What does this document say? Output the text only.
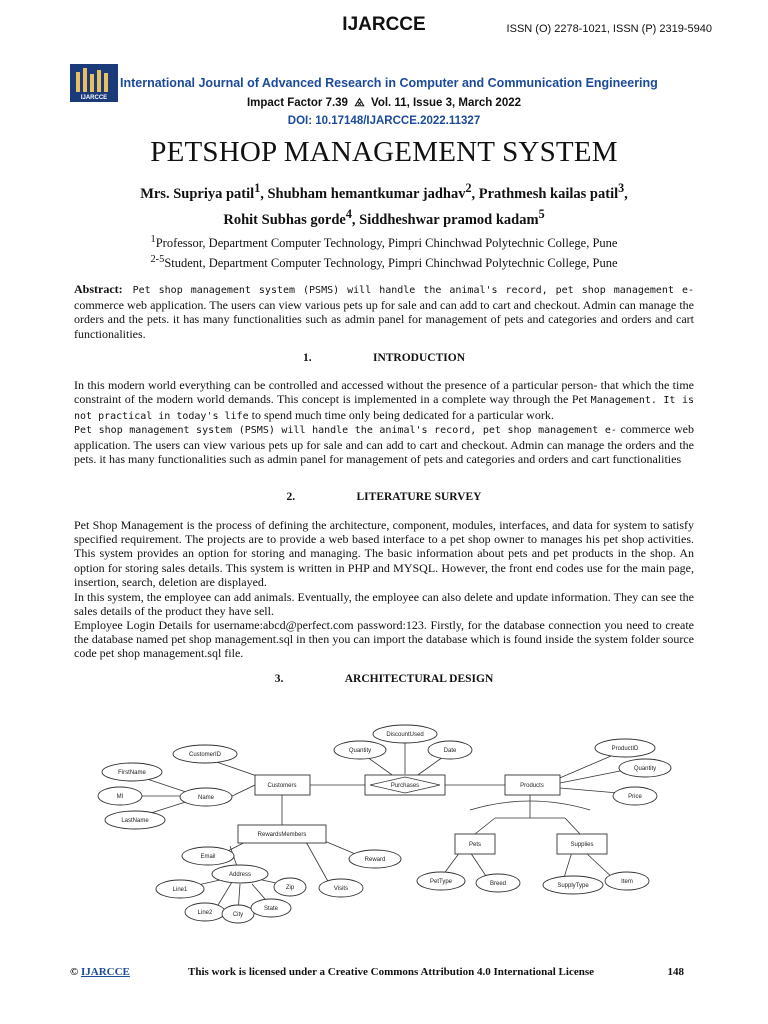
IJARCCE	ISSN (O) 2278-1021, ISSN (P) 2319-5940
IJARCCE
International Journal of Advanced Research in Computer and Communication Engineering
Impact Factor 7.39 ⨻ Vol. 11, Issue 3, March 2022
DOI: 10.17148/IJARCCE.2022.11327
PETSHOP MANAGEMENT SYSTEM
Mrs. Supriya patil$^1$, Shubham hemantkumar jadhav$^2$, Prathmesh kailas patil$^3$,
Rohit Subhas gorde$^4$, Siddheshwar pramod kadam$^5$
$^1$Professor, Department Computer Technology, Pimpri Chinchwad Polytechnic College, Pune
$^{2-5}$Student, Department Computer Technology, Pimpri Chinchwad Polytechnic College, Pune
Abstract: Pet shop management system (PSMS) will handle the animal's record, pet shop management e- commerce web application. The users can view various pets up for sale and can add to cart and checkout. Admin can manage the orders and the pets. it has many functionalities such as admin panel for management of pets and categories and orders and cart functionalities.
1.	INTRODUCTION
In this modern world everything can be controlled and accessed without the presence of a particular person- that which the time constraint of the modern world demands. This concept is implemented in a complete way through the Pet Management. It is not practical in today's life to spend much time only being dedicated for a particular work.
Pet shop management system (PSMS) will handle the animal's record, pet shop management e- commerce web application. The users can view various pets up for sale and can add to cart and checkout. Admin can manage the orders and the pets. it has many functionalities such as admin panel for management of pets and categories and orders and cart functionalities
2.	LITERATURE SURVEY
Pet Shop Management is the process of defining the architecture, component, modules, interfaces, and data for system to satisfy specified requirement. The projects are to provide a web based interface to a pet shop owner to manages his pet shop activities. This system provides an option for storing and managing. The basic information about pets and pet products in the shop. An option for storing sales details. This system is written in PHP and MYSQL. However, the front end codes use for the main page, insertion, search, deletion are displayed.
In this system, the employee can add animals. Eventually, the employee can also delete and update information. They can see the sales details of the product they have sell.
Employee Login Details for username:abcd@perfect.com password:123. Firstly, for the database connection you need to create the database named pet shop management.sql in then you can import the database which is found inside the system folder source code pet shop management.sql file.
3.	ARCHITECTURAL DESIGN
Customers	Products
RewardsMembers
Pets	Supplies
Purchases
CustomerID
FirstName
MI
LastName
Name
Quantity
DiscountUsed
Date	ProductID
Quantity
Price
Email
Address
Reward
Line1	Zip	Visits
Line2	City
State
PetType	Breed	SupplyType
Item
© IJARCCE	This work is licensed under a Creative Commons Attribution 4.0 International License	148
